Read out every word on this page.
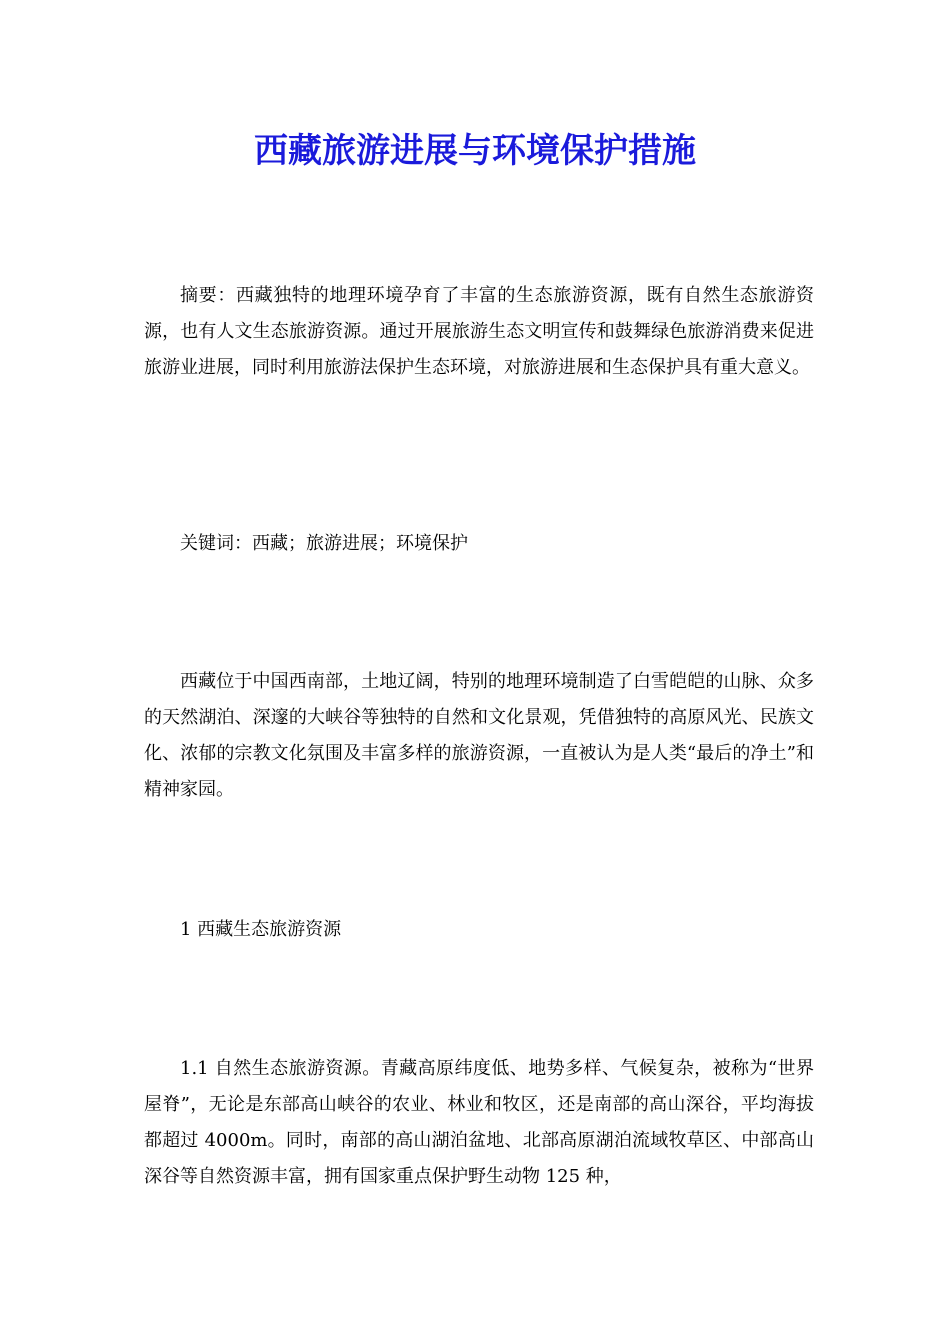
西藏旅游进展与环境保护措施

摘要：西藏独特的地理环境孕育了丰富的生态旅游资源，既有自然生态旅游资源，也有人文生态旅游资源。通过开展旅游生态文明宣传和鼓舞绿色旅游消费来促进旅游业进展，同时利用旅游法保护生态环境，对旅游进展和生态保护具有重大意义。

关键词：西藏；旅游进展；环境保护

西藏位于中国西南部，土地辽阔，特别的地理环境制造了白雪皑皑的山脉、众多的天然湖泊、深邃的大峡谷等独特的自然和文化景观，凭借独特的高原风光、民族文化、浓郁的宗教文化氛围及丰富多样的旅游资源，一直被认为是人类“最后的净土”和精神家园。

1 西藏生态旅游资源

1.1 自然生态旅游资源。青藏高原纬度低、地势多样、气候复杂，被称为“世界屋脊”，无论是东部高山峡谷的农业、林业和牧区，还是南部的高山深谷，平均海拔都超过 4000m。同时，南部的高山湖泊盆地、北部高原湖泊流域牧草区、中部高山深谷等自然资源丰富，拥有国家重点保护野生动物 125 种，
